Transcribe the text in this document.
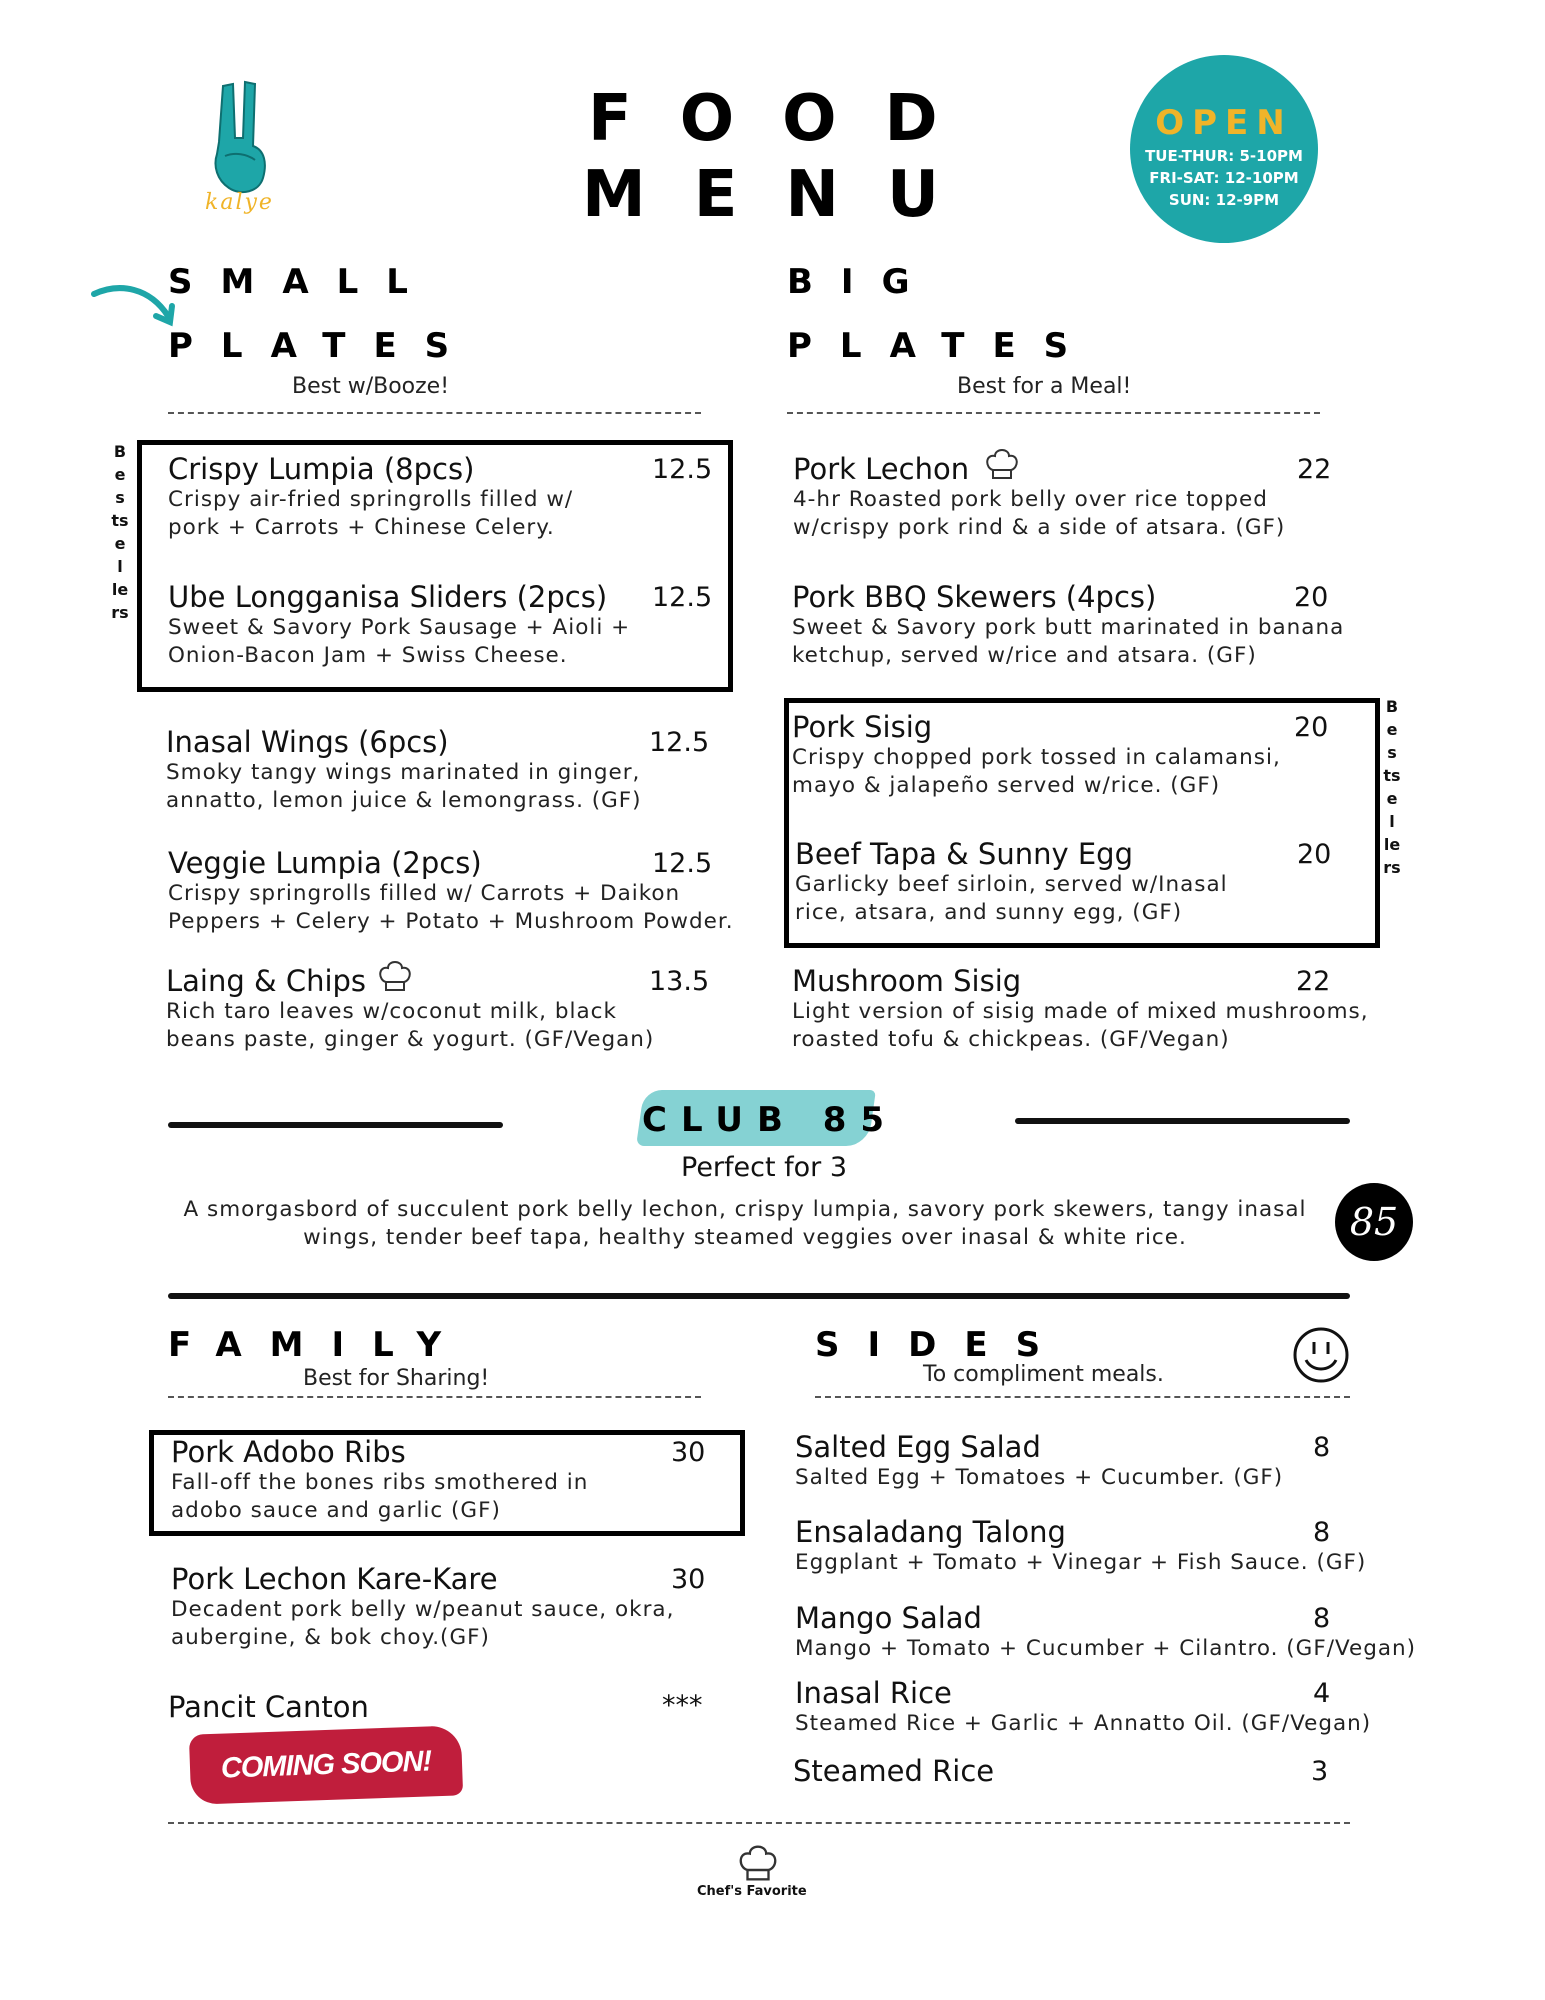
kalye
FOOD
MENU
OPEN
TUE-THUR: 5-10PM
FRI-SAT: 12-10PM
SUN: 12-9PM
SMALL
PLATES
Best w/Booze!
BIG
PLATES
Best for a Meal!
B
e
s
ts
e
l
le
rs
B
e
s
ts
e
l
le
rs
Crispy Lumpia (8pcs)	12.5
Crispy air-fried springrolls filled w/
pork + Carrots + Chinese Celery.
Ube Longganisa Sliders (2pcs)	12.5
Sweet & Savory Pork Sausage + Aioli +
Onion-Bacon Jam + Swiss Cheese.
Inasal Wings (6pcs)	12.5
Smoky tangy wings marinated in ginger,
annatto, lemon juice & lemongrass. (GF)
Veggie Lumpia (2pcs)	12.5
Crispy springrolls filled w/ Carrots + Daikon
Peppers + Celery + Potato + Mushroom Powder.
Laing & Chips	13.5
Rich taro leaves w/coconut milk, black
beans paste, ginger & yogurt. (GF/Vegan)
Pork Lechon	22
4-hr Roasted pork belly over rice topped
w/crispy pork rind & a side of atsara. (GF)
Pork BBQ Skewers (4pcs)	20
Sweet & Savory pork butt marinated in banana
ketchup, served w/rice and atsara. (GF)
Pork Sisig	20
Crispy chopped pork tossed in calamansi,
mayo & jalapeño served w/rice. (GF)
Beef Tapa & Sunny Egg	20
Garlicky beef sirloin, served w/Inasal
rice, atsara, and sunny egg, (GF)
Mushroom Sisig	22
Light version of sisig made of mixed mushrooms,
roasted tofu & chickpeas. (GF/Vegan)
CLUB 85
Perfect for 3
A smorgasbord of succulent pork belly lechon, crispy lumpia, savory pork skewers, tangy inasal
wings, tender beef tapa, healthy steamed veggies over inasal & white rice.	85
FAMILY
Best for Sharing!
SIDES
To compliment meals.
Pork Adobo Ribs	30
Fall-off the bones ribs smothered in
adobo sauce and garlic (GF)
Pork Lechon Kare-Kare	30
Decadent pork belly w/peanut sauce, okra,
aubergine, & bok choy.(GF)
Pancit Canton	***
COMING SOON!
Salted Egg Salad	8
Salted Egg + Tomatoes + Cucumber. (GF)
Ensaladang Talong	8
Eggplant + Tomato + Vinegar + Fish Sauce. (GF)
Mango Salad	8
Mango + Tomato + Cucumber + Cilantro. (GF/Vegan)
Inasal Rice	4
Steamed Rice + Garlic + Annatto Oil. (GF/Vegan)
Steamed Rice	3
Chef's Favorite
